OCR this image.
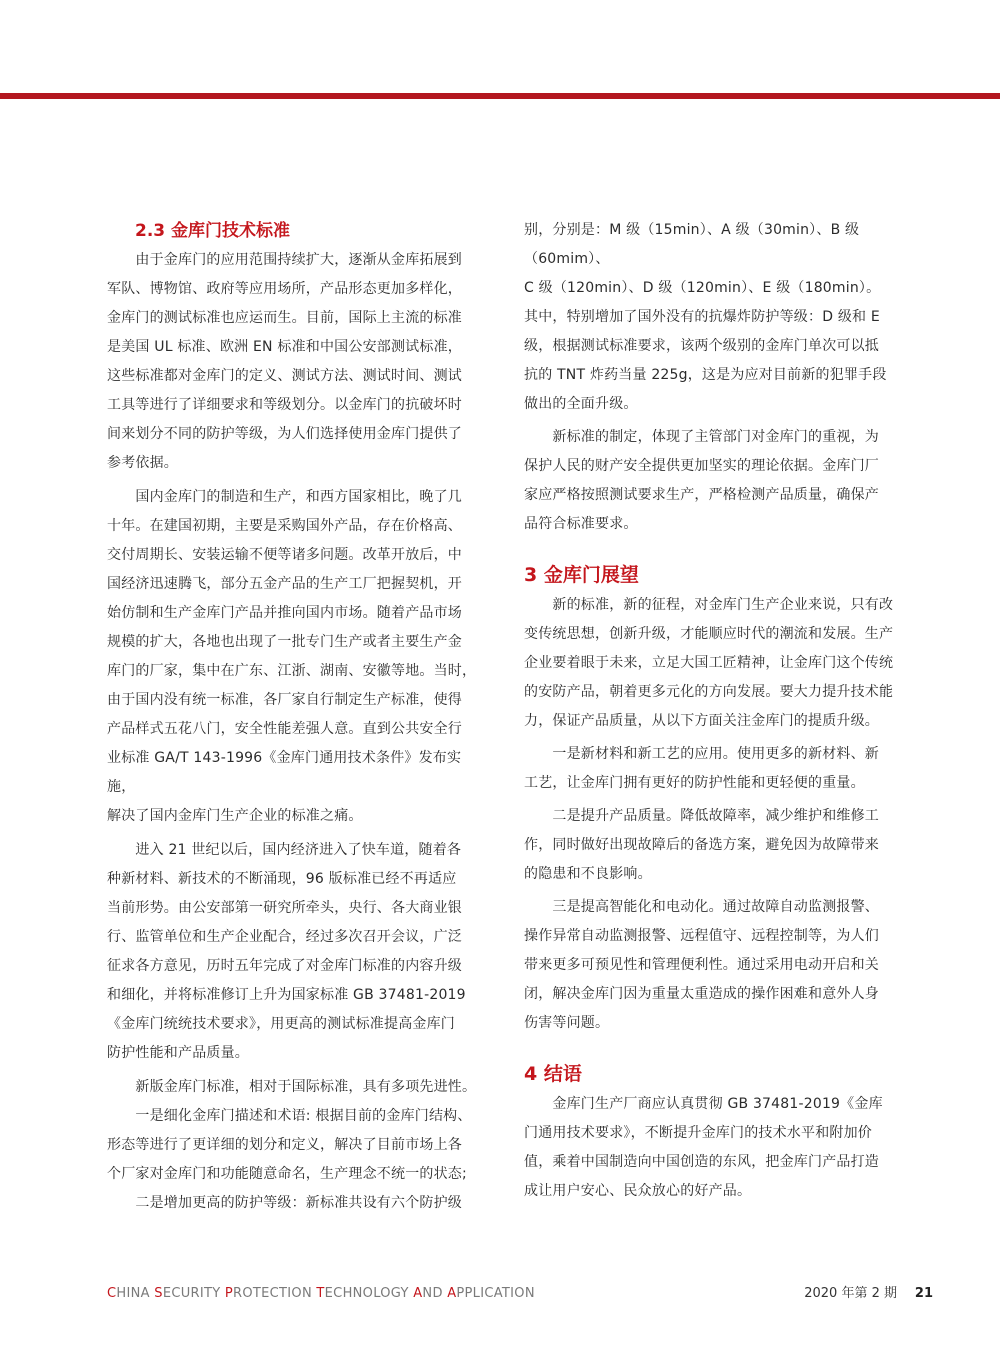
2.3 金库门技术标准

　　由于金库门的应用范围持续扩大，逐渐从金库拓展到
军队、博物馆、政府等应用场所，产品形态更加多样化，
金库门的测试标准也应运而生。目前，国际上主流的标准
是美国 UL 标准、欧洲 EN 标准和中国公安部测试标准，
这些标准都对金库门的定义、测试方法、测试时间、测试
工具等进行了详细要求和等级划分。以金库门的抗破坏时
间来划分不同的防护等级，为人们选择使用金库门提供了
参考依据。

　　国内金库门的制造和生产，和西方国家相比，晚了几
十年。在建国初期，主要是采购国外产品，存在价格高、
交付周期长、安装运输不便等诸多问题。改革开放后，中
国经济迅速腾飞，部分五金产品的生产工厂把握契机，开
始仿制和生产金库门产品并推向国内市场。随着产品市场
规模的扩大，各地也出现了一批专门生产或者主要生产金
库门的厂家，集中在广东、江浙、湖南、安徽等地。当时，
由于国内没有统一标准，各厂家自行制定生产标准，使得
产品样式五花八门，安全性能差强人意。直到公共安全行
业标准 GA/T 143-1996《金库门通用技术条件》发布实施，
解决了国内金库门生产企业的标准之痛。

　　进入 21 世纪以后，国内经济进入了快车道，随着各
种新材料、新技术的不断涌现，96 版标准已经不再适应
当前形势。由公安部第一研究所牵头，央行、各大商业银
行、监管单位和生产企业配合，经过多次召开会议，广泛
征求各方意见，历时五年完成了对金库门标准的内容升级
和细化，并将标准修订上升为国家标准 GB 37481-2019
《金库门统统技术要求》，用更高的测试标准提高金库门
防护性能和产品质量。

　　新版金库门标准，相对于国际标准，具有多项先进性。

　　一是细化金库门描述和术语: 根据目前的金库门结构、
形态等进行了更详细的划分和定义，解决了目前市场上各
个厂家对金库门和功能随意命名，生产理念不统一的状态;

　　二是增加更高的防护等级：新标准共设有六个防护级

别，分别是：M 级（15min）、A 级（30min）、B 级（60mim）、
C 级（120min）、D 级（120min）、E 级（180min）。
其中，特别增加了国外没有的抗爆炸防护等级：D 级和 E
级，根据测试标准要求，该两个级别的金库门单次可以抵
抗的 TNT 炸药当量 225g，这是为应对目前新的犯罪手段
做出的全面升级。

　　新标准的制定，体现了主管部门对金库门的重视，为
保护人民的财产安全提供更加坚实的理论依据。金库门厂
家应严格按照测试要求生产，严格检测产品质量，确保产
品符合标准要求。

3 金库门展望

　　新的标准，新的征程，对金库门生产企业来说，只有改
变传统思想，创新升级，才能顺应时代的潮流和发展。生产
企业要着眼于未来，立足大国工匠精神，让金库门这个传统
的安防产品，朝着更多元化的方向发展。要大力提升技术能
力，保证产品质量，从以下方面关注金库门的提质升级。

　　一是新材料和新工艺的应用。使用更多的新材料、新
工艺，让金库门拥有更好的防护性能和更轻便的重量。

　　二是提升产品质量。降低故障率，减少维护和维修工
作，同时做好出现故障后的备选方案，避免因为故障带来
的隐患和不良影响。

　　三是提高智能化和电动化。通过故障自动监测报警、
操作异常自动监测报警、远程值守、远程控制等，为人们
带来更多可预见性和管理便利性。通过采用电动开启和关
闭，解决金库门因为重量太重造成的操作困难和意外人身
伤害等问题。

4 结语

　　金库门生产厂商应认真贯彻 GB 37481-2019《金库
门通用技术要求》，不断提升金库门的技术水平和附加价
值，乘着中国制造向中国创造的东风，把金库门产品打造
成让用户安心、民众放心的好产品。

CHINA SECURITY PROTECTION TECHNOLOGY AND APPLICATION	2020 年第 2 期 21
